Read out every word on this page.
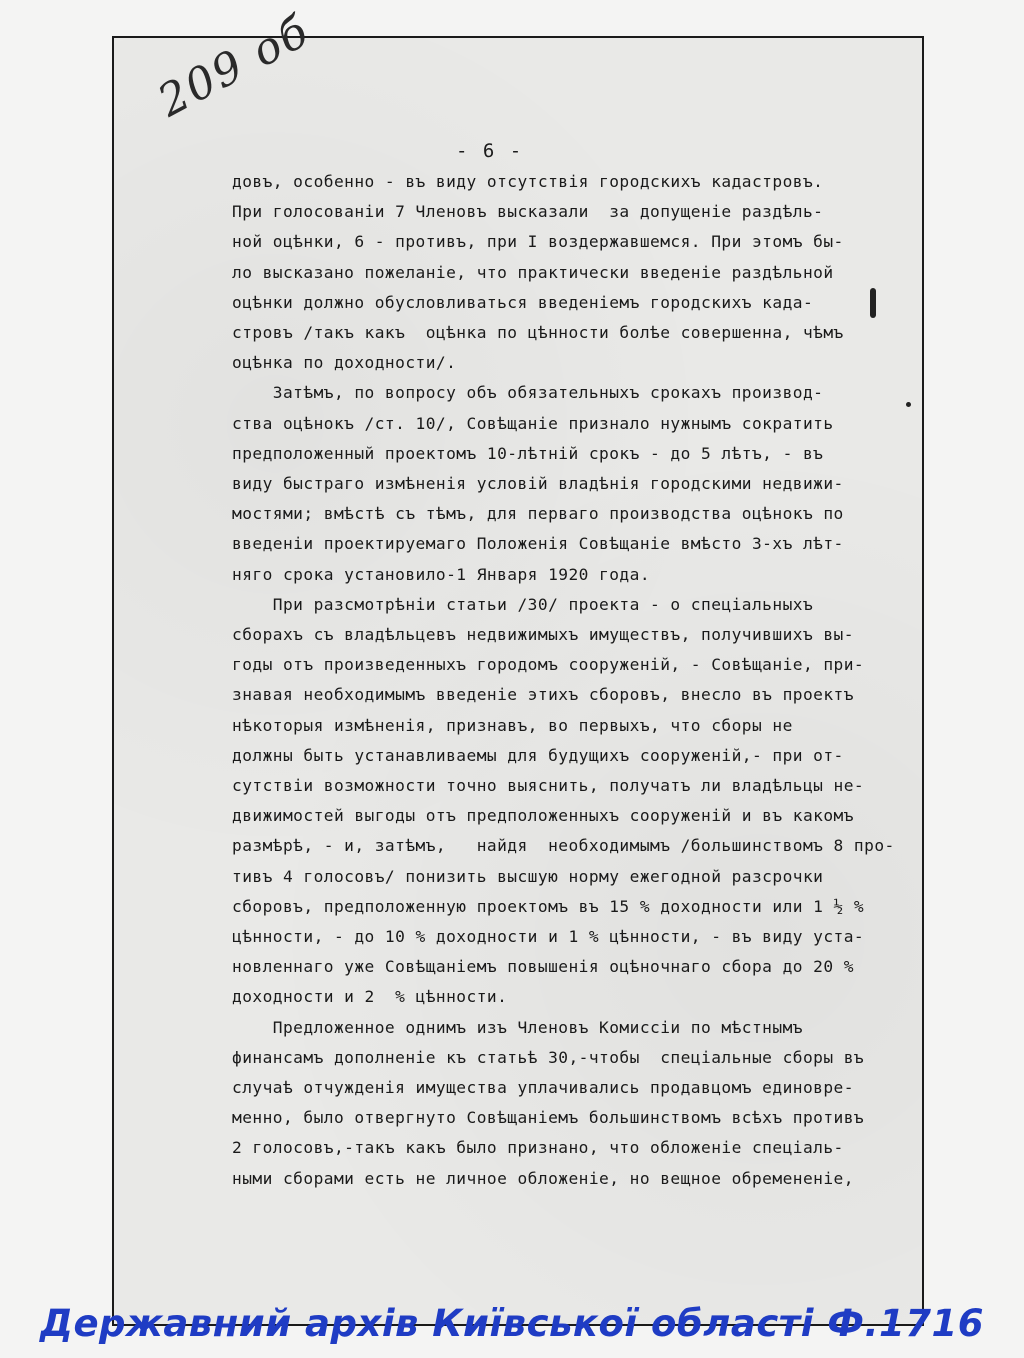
209 об
- 6 -
довъ, особенно - въ виду отсутствія городскихъ кадастровъ.
При голосованіи 7 Членовъ высказали  за допущеніе раздѣль-
ной оцѣнки, 6 - противъ, при I воздержавшемся. При этомъ бы-
ло высказано пожеланіе, что практически введеніе раздѣльной
оцѣнки должно обусловливаться введеніемъ городскихъ када-
стровъ /такъ какъ  оцѣнка по цѣнности болѣе совершенна, чѣмъ
оцѣнка по доходности/.
Затѣмъ, по вопросу объ обязательныхъ срокахъ производ-
ства оцѣнокъ /ст. 10/, Совѣщаніе признало нужнымъ сократить
предположенный проектомъ 10-лѣтній срокъ - до 5 лѣтъ, - въ
виду быстраго измѣненія условій владѣнія городскими недвижи-
мостями; вмѣстѣ съ тѣмъ, для перваго производства оцѣнокъ по
введеніи проектируемаго Положенія Совѣщаніе вмѣсто 3-хъ лѣт-
няго срока установило-1 Января 1920 года.
При разсмотрѣніи статьи /30/ проекта - о спеціальныхъ
сборахъ съ владѣльцевъ недвижимыхъ имуществъ, получившихъ вы-
годы отъ произведенныхъ городомъ сооруженій, - Совѣщаніе, при-
знавая необходимымъ введеніе этихъ сборовъ, внесло въ проектъ
нѣкоторыя измѣненія, признавъ, во первыхъ, что сборы не
должны быть устанавливаемы для будущихъ сооруженій,- при от-
сутствіи возможности точно выяснить, получатъ ли владѣльцы не-
движимостей выгоды отъ предположенныхъ сооруженій и въ какомъ
размѣрѣ, - и, затѣмъ,   найдя  необходимымъ /большинствомъ 8 про-
тивъ 4 голосовъ/ понизить высшую норму ежегодной разсрочки
сборовъ, предположенную проектомъ въ 15 % доходности или 1 ½ %
цѣнности, - до 10 % доходности и 1 % цѣнности, - въ виду уста-
новленнаго уже Совѣщаніемъ повышенія оцѣночнаго сбора до 20 %
доходности и 2  % цѣнности.
Предложенное однимъ изъ Членовъ Комиссіи по мѣстнымъ
финансамъ дополненіе къ статьѣ 30,-чтобы  спеціальные сборы въ
случаѣ отчужденія имущества уплачивались продавцомъ единовре-
менно, было отвергнуто Совѣщаніемъ большинствомъ всѣхъ противъ
2 голосовъ,-такъ какъ было признано, что обложеніе спеціаль-
ными сборами есть не личное обложеніе, но вещное обремененіе,
Державний архів Київської області Ф.1716
